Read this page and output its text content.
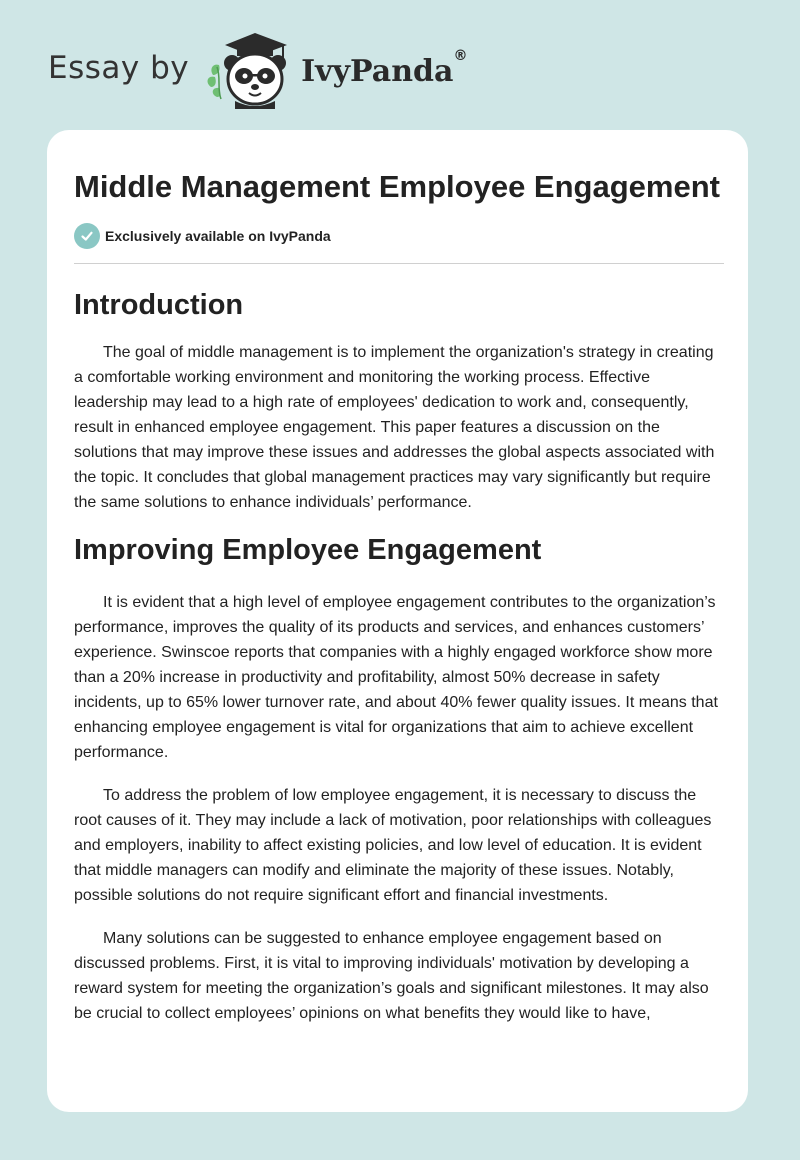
Essay by	IvyPanda®
Middle Management Employee Engagement
Exclusively available on IvyPanda
Introduction

The goal of middle management is to implement the organization's strategy in creating a comfortable working environment and monitoring the working process. Effective leadership may lead to a high rate of employees' dedication to work and, consequently, result in enhanced employee engagement. This paper features a discussion on the solutions that may improve these issues and addresses the global aspects associated with the topic. It concludes that global management practices may vary significantly but require the same solutions to enhance individuals’ performance.

Improving Employee Engagement

It is evident that a high level of employee engagement contributes to the organization’s performance, improves the quality of its products and services, and enhances customers’ experience. Swinscoe reports that companies with a highly engaged workforce show more than a 20% increase in productivity and profitability, almost 50% decrease in safety incidents, up to 65% lower turnover rate, and about 40% fewer quality issues. It means that enhancing employee engagement is vital for organizations that aim to achieve excellent performance.

To address the problem of low employee engagement, it is necessary to discuss the root causes of it. They may include a lack of motivation, poor relationships with colleagues and employers, inability to affect existing policies, and low level of education. It is evident that middle managers can modify and eliminate the majority of these issues. Notably, possible solutions do not require significant effort and financial investments.

Many solutions can be suggested to enhance employee engagement based on discussed problems. First, it is vital to improving individuals' motivation by developing a reward system for meeting the organization’s goals and significant milestones. It may also be crucial to collect employees’ opinions on what benefits they would like to have,
